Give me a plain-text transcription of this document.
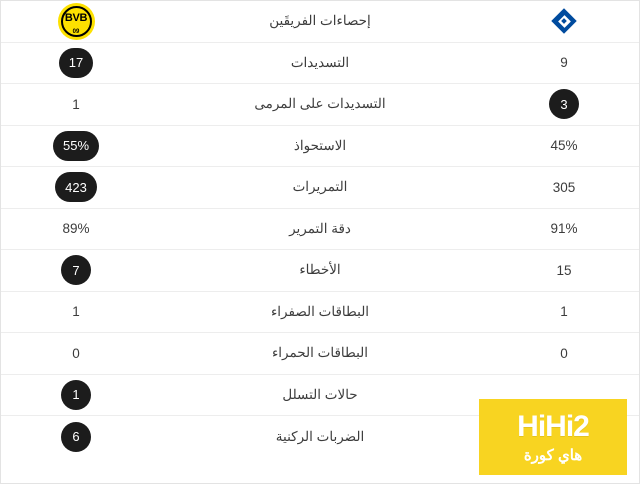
BVB
09
إحصاءات الفريقَين
17	التسديدات	9
1	التسديدات على المرمى	3
55%	الاستحواذ	45%
423	التمريرات	305
89%	دقة التمرير	91%
7	الأخطاء	15
1	البطاقات الصفراء	1
0	البطاقات الحمراء	0
1	حالات التسلل
6	الضربات الركنية	HiHi2
هاي كورة
